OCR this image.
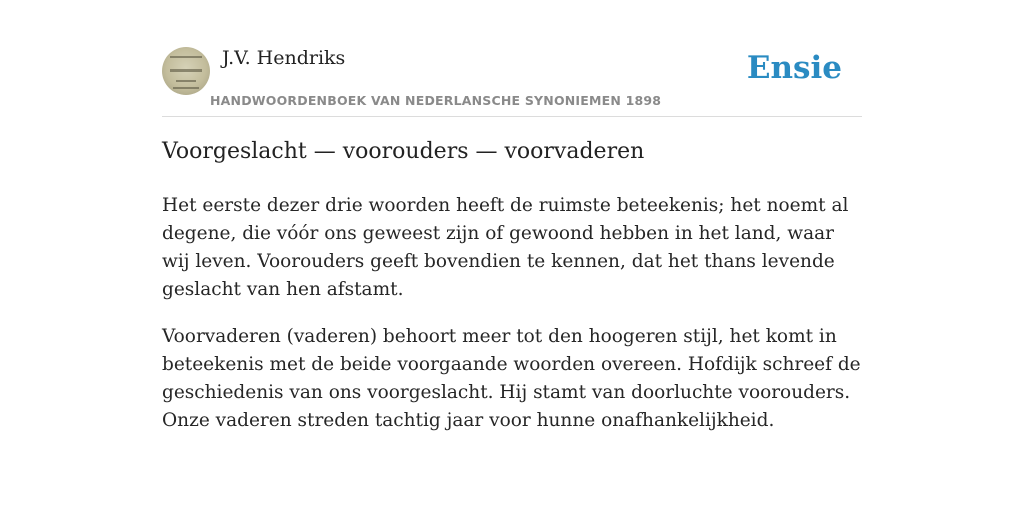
J.V. Hendriks
HANDWOORDENBOEK VAN NEDERLANSCHE SYNONIEMEN 1898
Ensie
Voorgeslacht — voorouders — voorvaderen

Het eerste dezer drie woorden heeft de ruimste beteekenis; het noemt al degene, die vóór ons geweest zijn of gewoond hebben in het land, waar wij leven. Voorouders geeft bovendien te kennen, dat het thans levende geslacht van hen afstamt.

Voorvaderen (vaderen) behoort meer tot den hoogeren stijl, het komt in beteekenis met de beide voorgaande woorden overeen. Hofdijk schreef de geschiedenis van ons voorgeslacht. Hij stamt van doorluchte voorouders. Onze vaderen streden tachtig jaar voor hunne onafhankelijkheid.
